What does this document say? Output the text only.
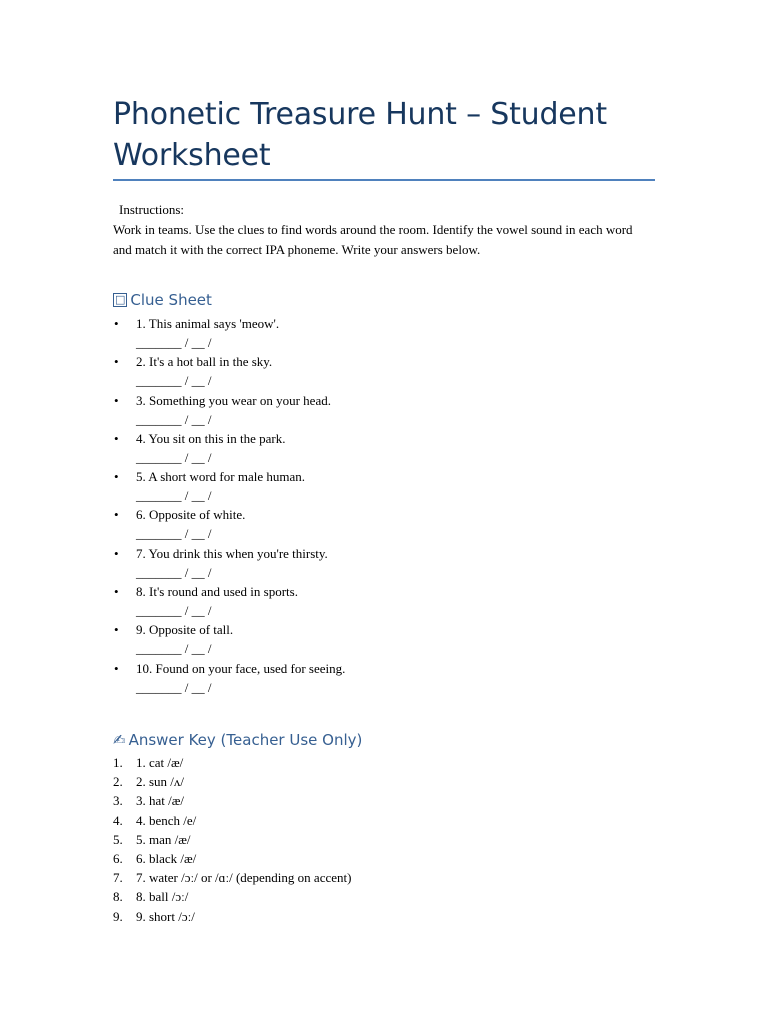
Phonetic Treasure Hunt – Student Worksheet
Instructions:
Work in teams. Use the clues to find words around the room. Identify the vowel sound in each word and match it with the correct IPA phoneme. Write your answers below.
□ Clue Sheet
• 1. This animal says 'meow'.
_______ / __ /
• 2. It's a hot ball in the sky.
_______ / __ /
• 3. Something you wear on your head.
_______ / __ /
• 4. You sit on this in the park.
_______ / __ /
• 5. A short word for male human.
_______ / __ /
• 6. Opposite of white.
_______ / __ /
• 7. You drink this when you're thirsty.
_______ / __ /
• 8. It's round and used in sports.
_______ / __ /
• 9. Opposite of tall.
_______ / __ /
• 10. Found on your face, used for seeing.
_______ / __ /
✍ Answer Key (Teacher Use Only)
1. 1. cat /æ/
2. 2. sun /ʌ/
3. 3. hat /æ/
4. 4. bench /e/
5. 5. man /æ/
6. 6. black /æ/
7. 7. water /ɔː/ or /ɑː/ (depending on accent)
8. 8. ball /ɔː/
9. 9. short /ɔː/
